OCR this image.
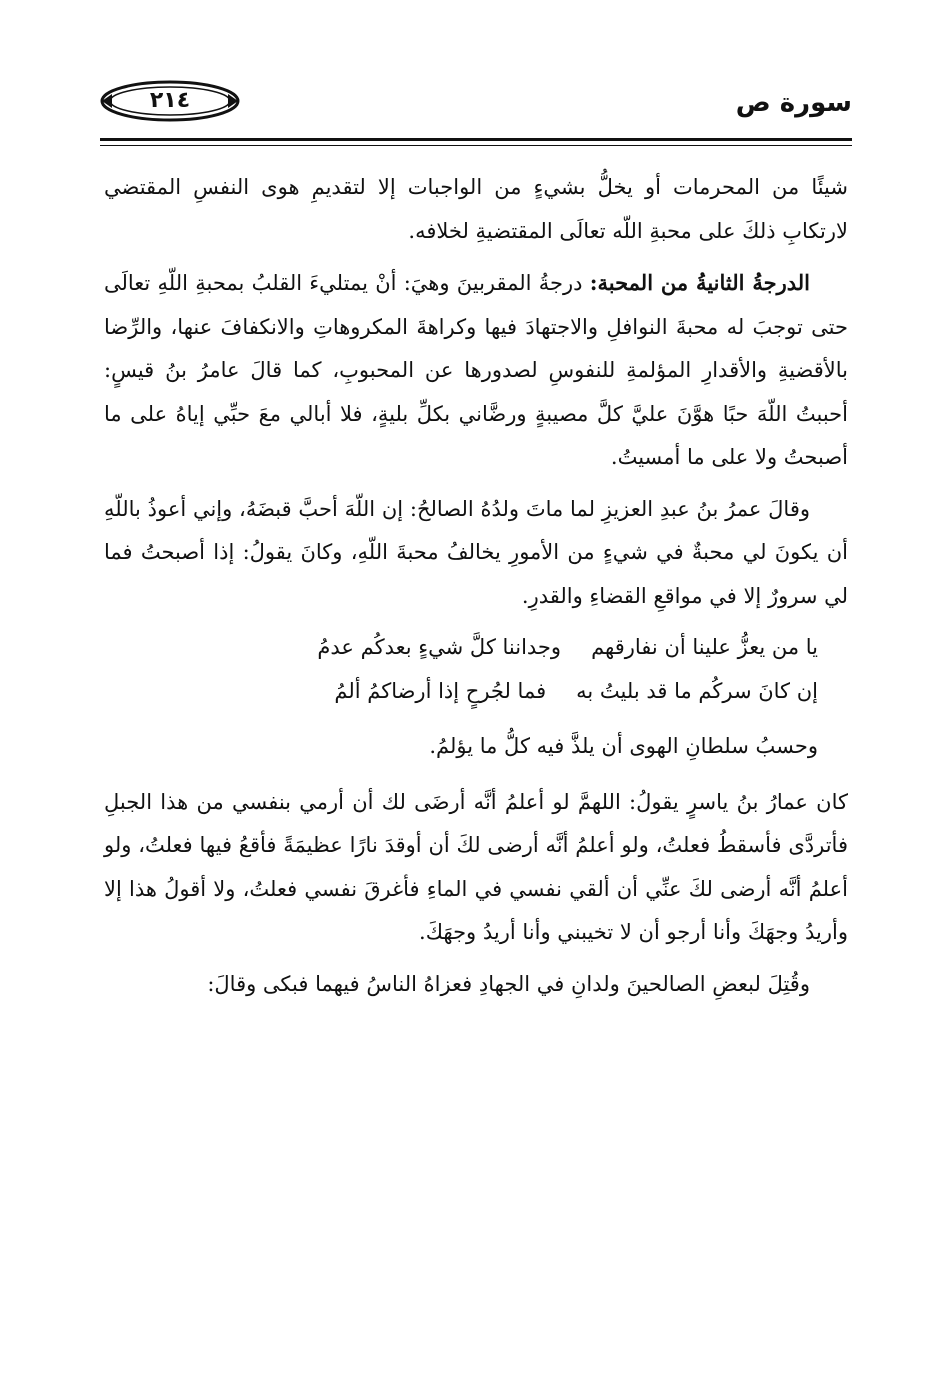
سورة ص
٢١٤

شيئًا من المحرمات أو يخلُّ بشيءٍ من الواجبات إلا لتقديمِ هوى النفسِ المقتضي لارتكابِ ذلكَ على محبةِ اللّه تعالَى المقتضيةِ لخلافه.

الدرجةُ الثانيةُ من المحبة: درجةُ المقربينَ وهيَ: أنْ يمتليءَ القلبُ بمحبةِ اللّهِ تعالَى حتى توجبَ له محبةَ النوافلِ والاجتهادَ فيها وكراهةَ المكروهاتِ والانكفافَ عنها، والرِّضا بالأقضيةِ والأقدارِ المؤلمةِ للنفوسِ لصدورها عن المحبوبِ، كما قالَ عامرُ بنُ قيسٍ: أحببتُ اللّهَ حبًا هوَّنَ عليَّ كلَّ مصيبةٍ ورضَّاني بكلِّ بليةٍ، فلا أبالي معَ حبِّي إياهُ على ما أصبحتُ ولا على ما أمسيتُ.

وقالَ عمرُ بنُ عبدِ العزيزِ لما ماتَ ولدُهُ الصالحُ: إن اللّهَ أحبَّ قبضَهُ، وإني أعوذُ باللّهِ أن يكونَ لي محبةٌ في شيءٍ من الأمورِ يخالفُ محبةَ اللّهِ، وكانَ يقولُ: إذا أصبحتُ فما لي سرورٌ إلا في مواقعِ القضاءِ والقدرِ.

يا من يعزُّ علينا أن نفارقهم
وجداننا كلَّ شيءٍ بعدكُم عدمُ
إن كانَ سركُم ما قد بليتُ به
فما لجُرحٍ إذا أرضاكمُ ألمُ
وحسبُ سلطانِ الهوى أن يلذَّ فيه كلُّ ما يؤلمُ.

كان عمارُ بنُ ياسرٍ يقولُ: اللهمَّ لو أعلمُ أنَّه أرضَى لك أن أرمي بنفسي من هذا الجبلِ فأتردَّى فأسقطُ فعلتُ، ولو أعلمُ أنَّه أرضى لكَ أن أوقدَ نارًا عظيمَةً فأقعُ فيها فعلتُ، ولو أعلمُ أنَّه أرضى لكَ عنِّي أن ألقي نفسي في الماءِ فأغرقَ نفسي فعلتُ، ولا أقولُ هذا إلا وأريدُ وجهَكَ وأنا أرجو أن لا تخيبني وأنا أريدُ وجهَكَ.

وقُتِلَ لبعضِ الصالحينَ ولدانِ في الجهادِ فعزاهُ الناسُ فيهما فبكى وقالَ:
